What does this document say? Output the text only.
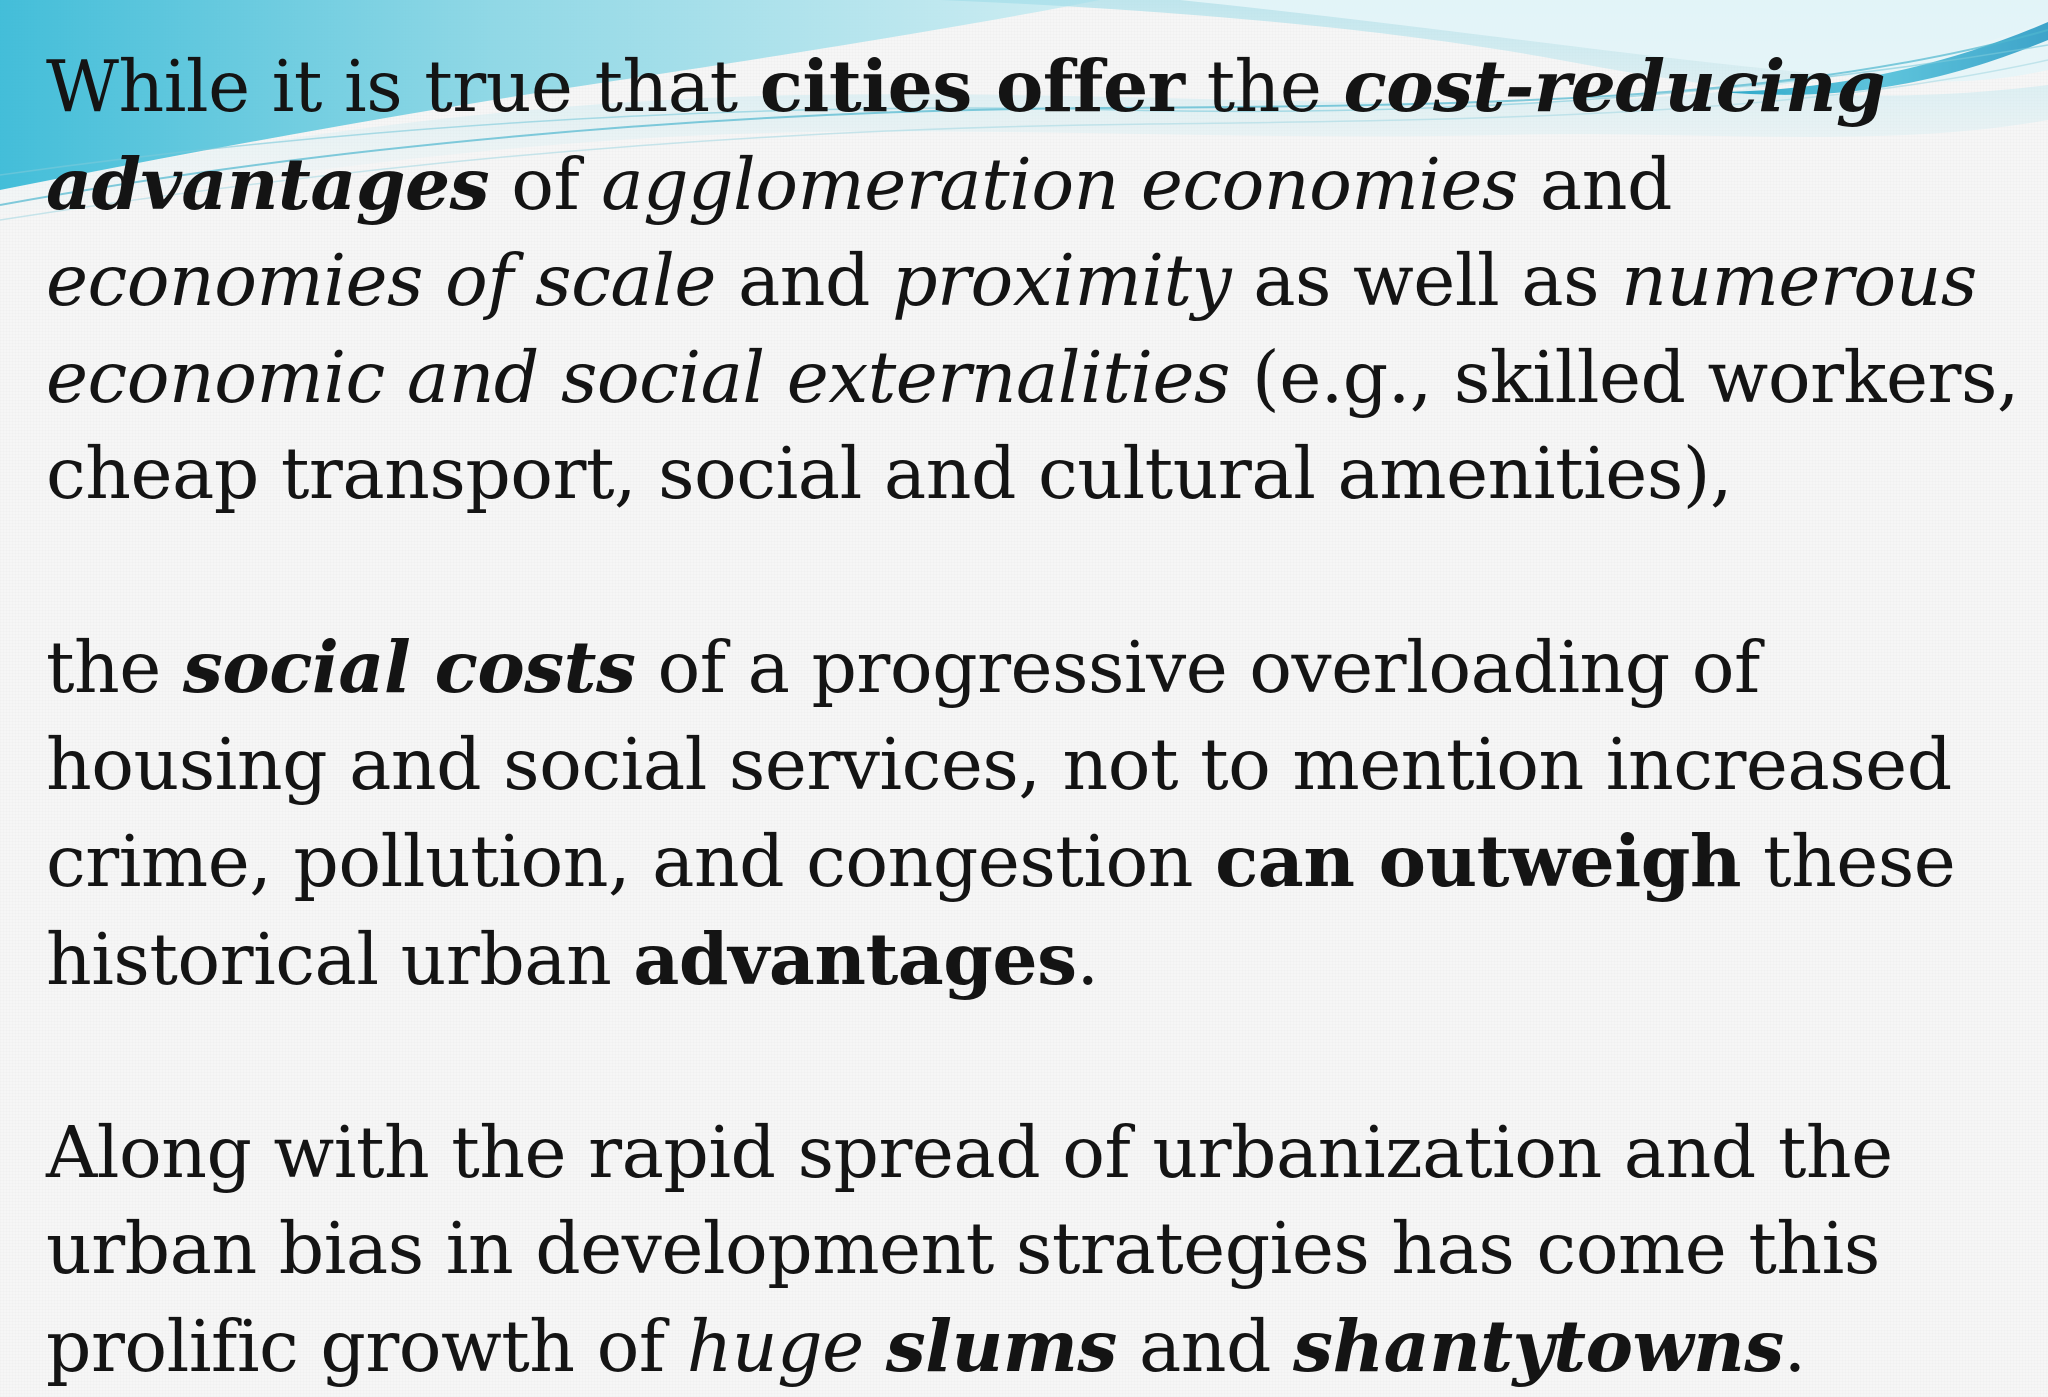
While it is true that cities offer the cost-reducing advantages of agglomeration economies and economies of scale and proximity as well as numerous economic and social externalities (e.g., skilled workers, cheap transport, social and cultural amenities),

the social costs of a progressive overloading of housing and social services, not to mention increased crime, pollution, and congestion can outweigh these historical urban advantages.

Along with the rapid spread of urbanization and the urban bias in development strategies has come this prolific growth of huge slums and shantytowns.
